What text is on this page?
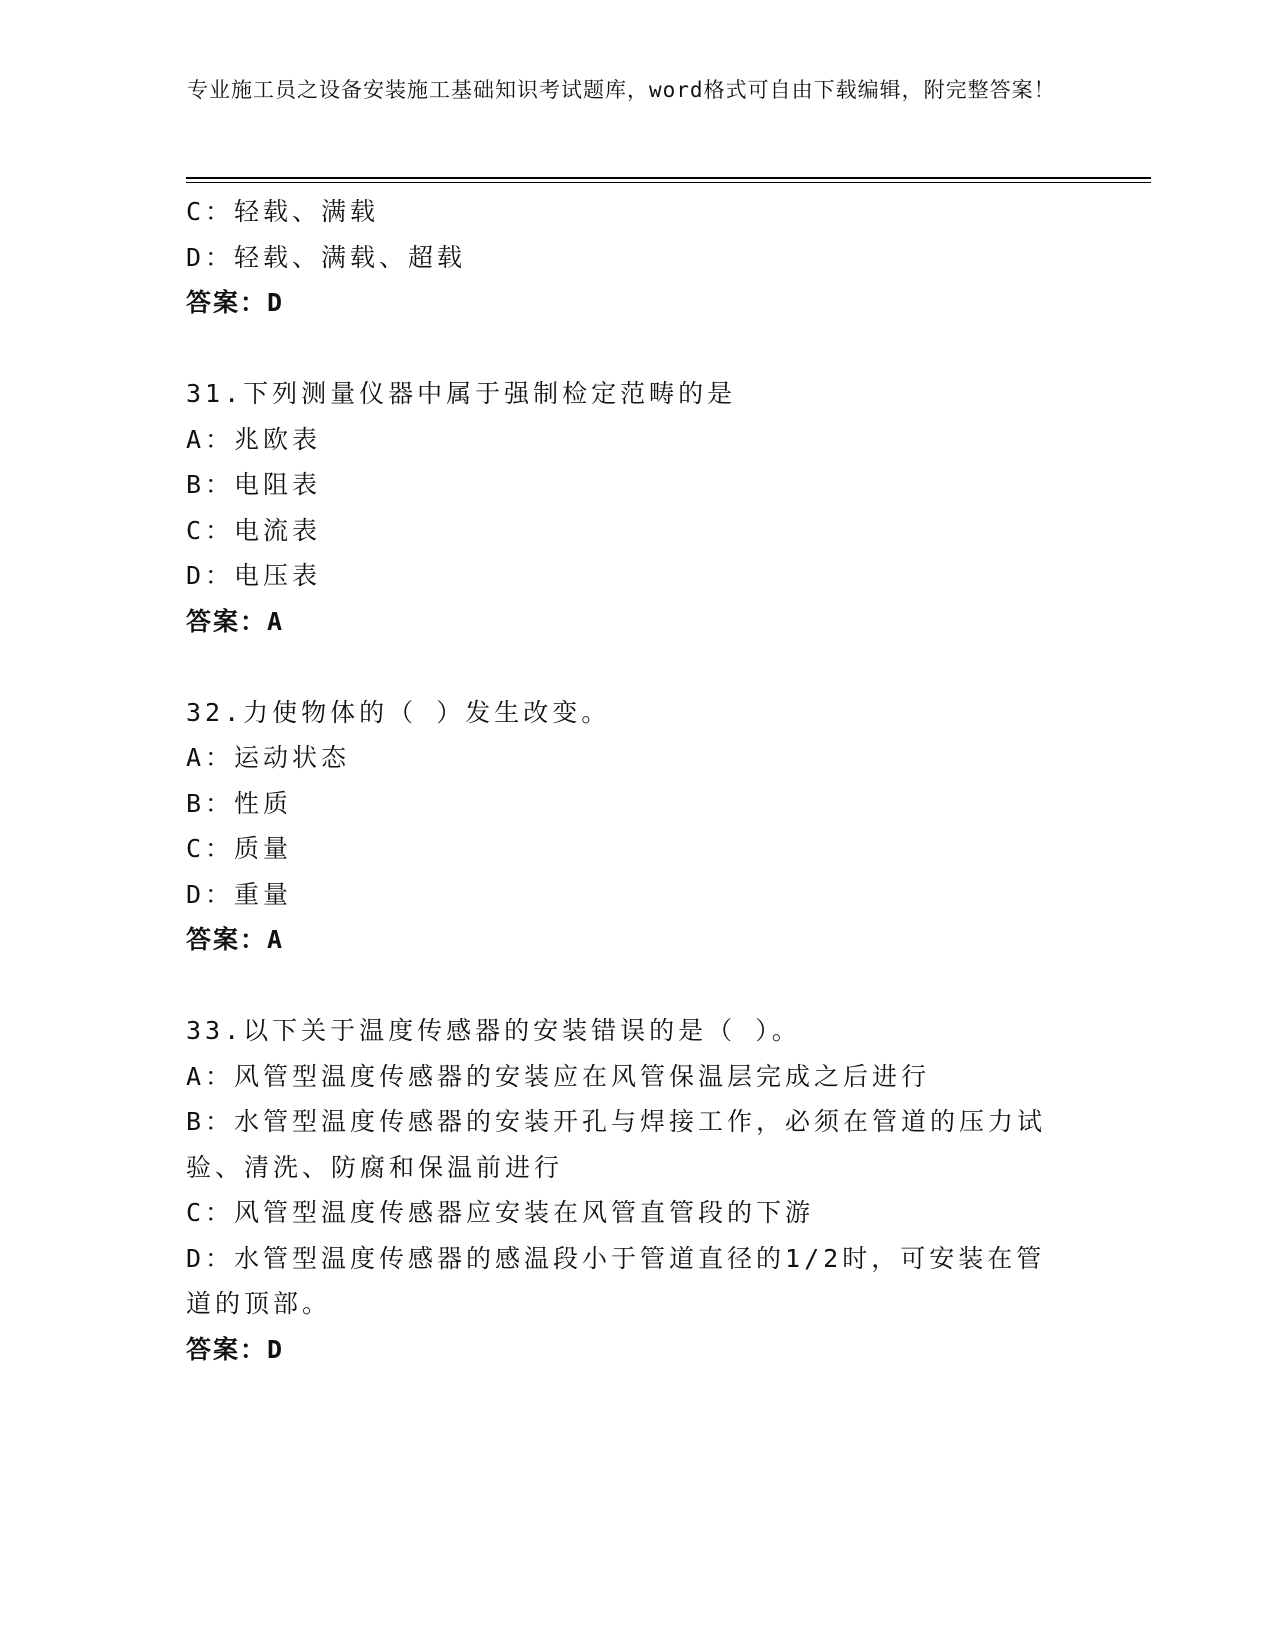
专业施工员之设备安装施工基础知识考试题库，word格式可自由下载编辑，附完整答案！
C：轻载、满载
D：轻载、满载、超载
答案：D
31.下列测量仪器中属于强制检定范畴的是
A：兆欧表
B：电阻表
C：电流表
D：电压表
答案：A
32.力使物体的（ ）发生改变。
A：运动状态
B：性质
C：质量
D：重量
答案：A
33.以下关于温度传感器的安装错误的是（ ）。
A：风管型温度传感器的安装应在风管保温层完成之后进行
B：水管型温度传感器的安装开孔与焊接工作，必须在管道的压力试验、清洗、防腐和保温前进行
C：风管型温度传感器应安装在风管直管段的下游
D：水管型温度传感器的感温段小于管道直径的1/2时，可安装在管道的顶部。
答案：D
